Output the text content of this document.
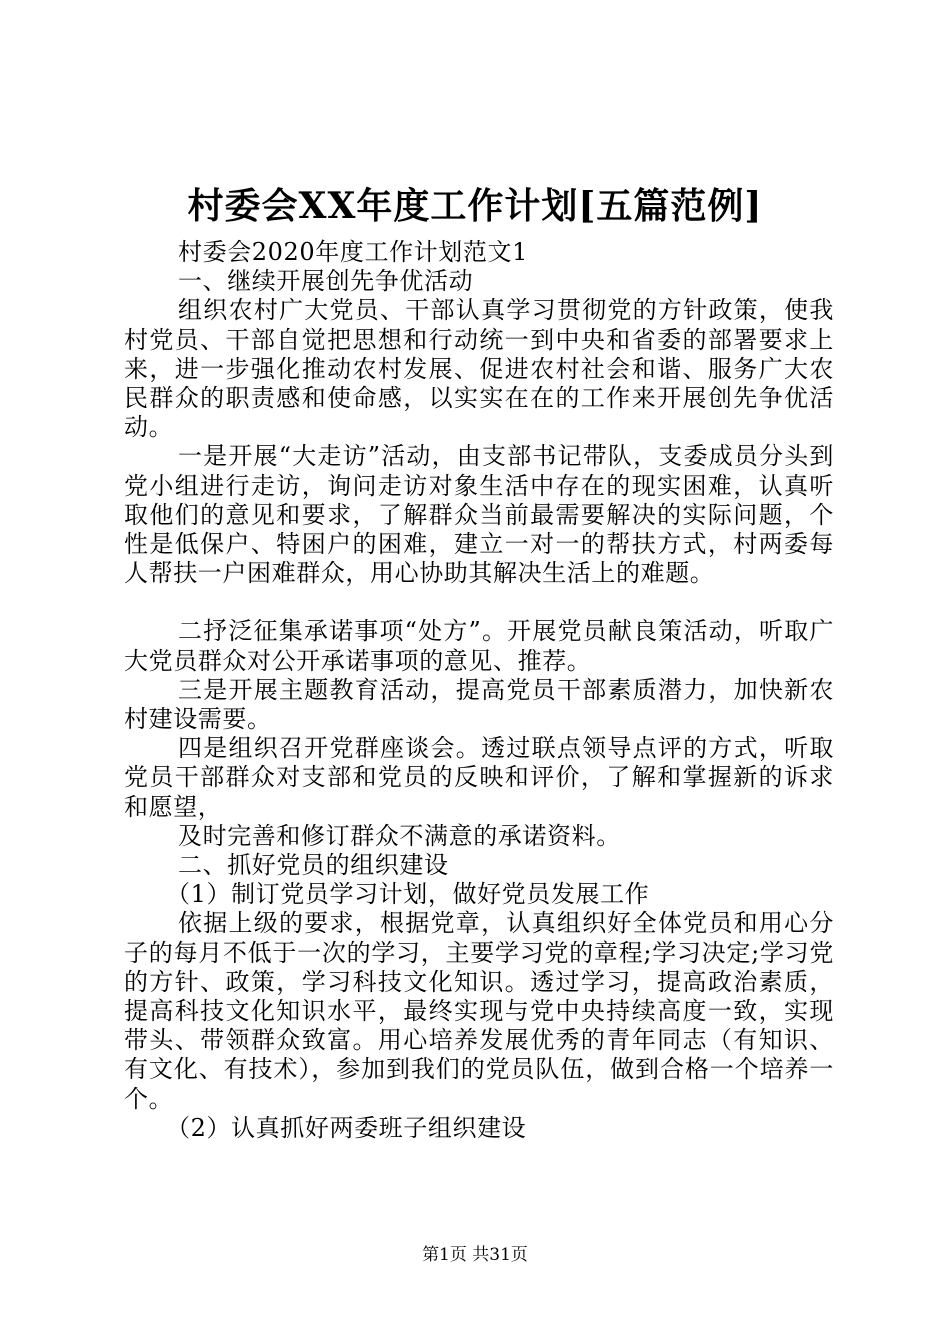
村委会XX年度工作计划[五篇范例]

村委会2020年度工作计划范文1

一、继续开展创先争优活动

组织农村广大党员、干部认真学习贯彻党的方针政策，使我村党员、干部自觉把思想和行动统一到中央和省委的部署要求上来，进一步强化推动农村发展、促进农村社会和谐、服务广大农民群众的职责感和使命感，以实实在在的工作来开展创先争优活动。

一是开展“大走访”活动，由支部书记带队，支委成员分头到党小组进行走访，询问走访对象生活中存在的现实困难，认真听取他们的意见和要求，了解群众当前最需要解决的实际问题，个性是低保户、特困户的困难，建立一对一的帮扶方式，村两委每人帮扶一户困难群众，用心协助其解决生活上的难题。

二抒泛征集承诺事项“处方”。开展党员献良策活动，听取广大党员群众对公开承诺事项的意见、推荐。

三是开展主题教育活动，提高党员干部素质潜力，加快新农村建设需要。

四是组织召开党群座谈会。透过联点领导点评的方式，听取党员干部群众对支部和党员的反映和评价，了解和掌握新的诉求和愿望，

及时完善和修订群众不满意的承诺资料。

二、抓好党员的组织建设

（1）制订党员学习计划，做好党员发展工作

依据上级的要求，根据党章，认真组织好全体党员和用心分子的每月不低于一次的学习，主要学习党的章程;学习决定;学习党的方针、政策，学习科技文化知识。透过学习，提高政治素质，提高科技文化知识水平，最终实现与党中央持续高度一致，实现带头、带领群众致富。用心培养发展优秀的青年同志（有知识、有文化、有技术），参加到我们的党员队伍，做到合格一个培养一个。

（2）认真抓好两委班子组织建设

第1页 共31页
